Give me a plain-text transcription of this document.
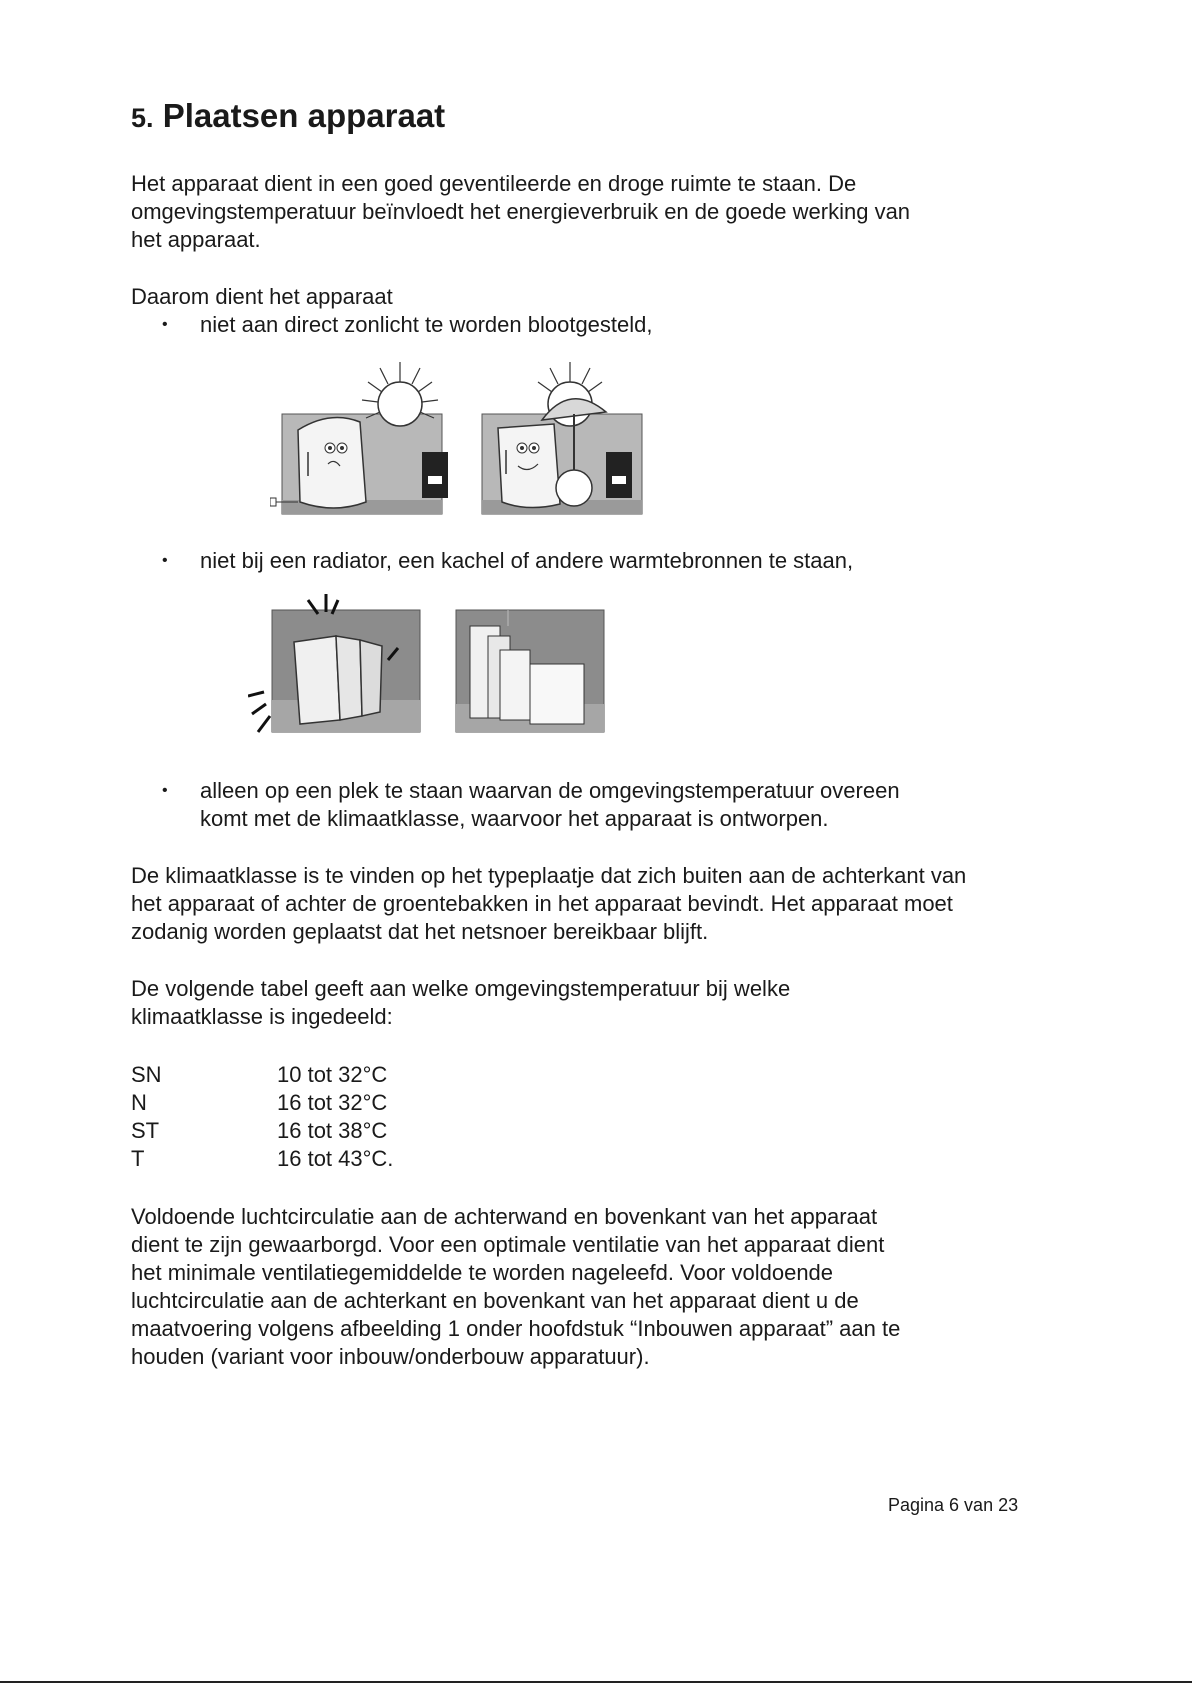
5. Plaatsen apparaat
Het apparaat dient in een goed geventileerde en droge ruimte te staan. De
omgevingstemperatuur beïnvloedt het energieverbruik en de goede werking van
het apparaat.
Daarom dient het apparaat
• niet aan direct zonlicht te worden blootgesteld,
• niet bij een radiator, een kachel of andere warmtebronnen te staan,
• alleen op een plek te staan waarvan de omgevingstemperatuur overeen
komt met de klimaatklasse, waarvoor het apparaat is ontworpen.
De klimaatklasse is te vinden op het typeplaatje dat zich buiten aan de achterkant van
het apparaat of achter de groentebakken in het apparaat bevindt. Het apparaat moet
zodanig worden geplaatst dat het netsnoer bereikbaar blijft.
De volgende tabel geeft aan welke omgevingstemperatuur bij welke
klimaatklasse is ingedeeld:
SN	10 tot 32°C
N	16 tot 32°C
ST	16 tot 38°C
T	16 tot 43°C.
Voldoende luchtcirculatie aan de achterwand en bovenkant van het apparaat
dient te zijn gewaarborgd. Voor een optimale ventilatie van het apparaat dient
het minimale ventilatiegemiddelde te worden nageleefd. Voor voldoende
luchtcirculatie aan de achterkant en bovenkant van het apparaat dient u de
maatvoering volgens afbeelding 1 onder hoofdstuk “Inbouwen apparaat” aan te
houden (variant voor inbouw/onderbouw apparatuur).
Pagina 6 van 23
